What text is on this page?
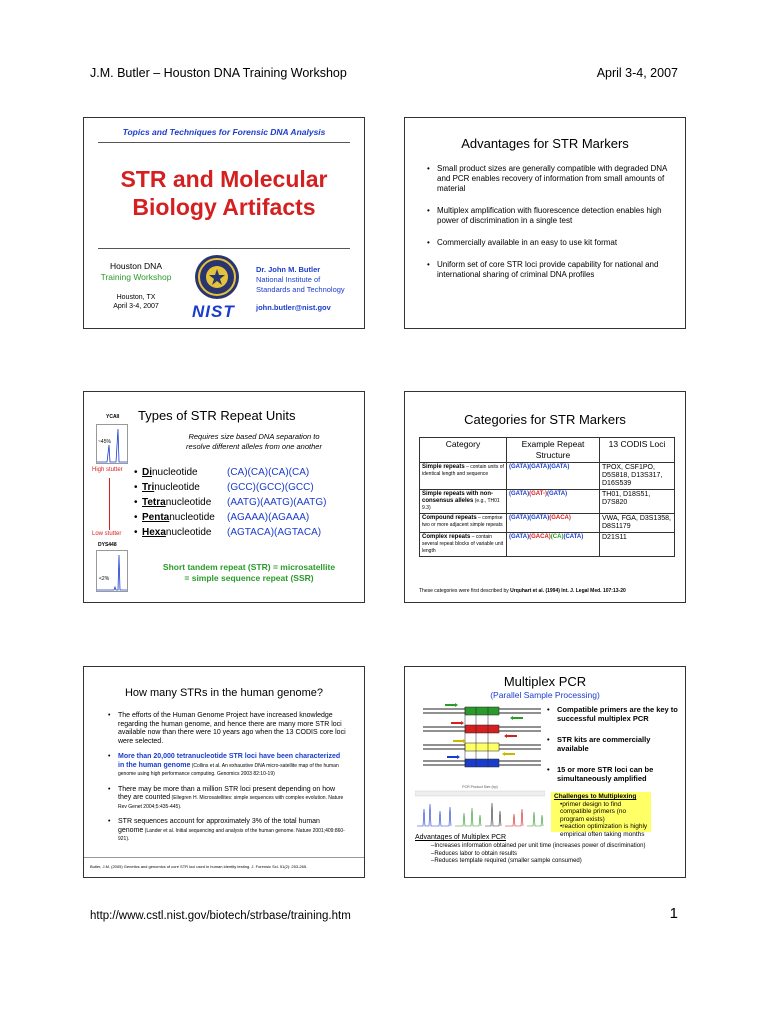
J.M. Butler – Houston DNA Training Workshop	April 3-4, 2007
Topics and Techniques for Forensic DNA Analysis
STR and Molecular
Biology Artifacts
Houston DNA
Training Workshop
Houston, TX
April 3-4, 2007	NIST
Dr. John M. Butler
National Institute of
Standards and Technology
john.butler@nist.gov
Advantages for STR Markers
• Small product sizes are generally compatible with degraded DNA and PCR enables recovery of information from small amounts of material
• Multiplex amplification with fluorescence detection enables high power of discrimination in a single test
• Commercially available in an easy to use kit format
• Uniform set of core STR loci provide capability for national and international sharing of criminal DNA profiles
Types of STR Repeat Units
Requires size based DNA separation to
resolve different alleles from one another
YCAII
~45%
High stutter
Low stutter
DYS448
<2%
• Dinucleotide	(CA)(CA)(CA)(CA)
• Trinucleotide	(GCC)(GCC)(GCC)
• Tetranucleotide (AATG)(AATG)(AATG)
• Pentanucleotide (AGAAA)(AGAAA)
• Hexanucleotide (AGTACA)(AGTACA)
Short tandem repeat (STR) = microsatellite
= simple sequence repeat (SSR)
Categories for STR Markers
Category	Example Repeat Structure	13 CODIS Loci
Simple repeats – contain units of identical length and sequence	(GATA)(GATA)(GATA)	TPOX, CSF1PO, D5S818, D13S317, D16S539
Simple repeats with non-consensus alleles (e.g., TH01 9.3)	(GATA)(GAT-)(GATA)	TH01, D18S51, D7S820
Compound repeats – comprise two or more adjacent simple repeats	(GATA)(GATA)(GACA)	VWA, FGA, D3S1358, D8S1179
Complex repeats – contain several repeat blocks of variable unit length	(GATA)(GACA)(CA)(CATA)	D21S11
These categories were first described by Urquhart et al. (1994) Int. J. Legal Med. 107:13-20
How many STRs in the human genome?
• The efforts of the Human Genome Project have increased knowledge regarding the human genome, and hence there are many more STR loci available now than there were 10 years ago when the 13 CODIS core loci were selected.
• More than 20,000 tetranucleotide STR loci have been characterized in the human genome (Collins et al. An exhaustive DNA micro-satellite map of the human genome using high performance computing. Genomics 2003 82:10-19)
• There may be more than a million STR loci present depending on how they are counted (Ellegren H. Microsatellites: simple sequences with complex evolution. Nature Rev Genet 2004;5:435-445).
• STR sequences account for approximately 3% of the total human genome (Lander et al. Initial sequencing and analysis of the human genome. Nature 2001;409:860-921).
Butler, J.M. (2005) Genetics and genomics of core STR loci used in human identity testing. J. Forensic Sci. 51(2): 253-265.
Multiplex PCR
(Parallel Sample Processing)
• Compatible primers are the key to successful multiplex PCR
• STR kits are commercially available
• 15 or more STR loci can be simultaneously amplified
PCR Product Size (bp)
Challenges to Multiplexing
•primer design to find compatible primers (no program exists)
•reaction optimization is highly empirical often taking months
Advantages of Multiplex PCR
–Increases information obtained per unit time (increases power of discrimination)
–Reduces labor to obtain results
–Reduces template required (smaller sample consumed)
http://www.cstl.nist.gov/biotech/strbase/training.htm	1
